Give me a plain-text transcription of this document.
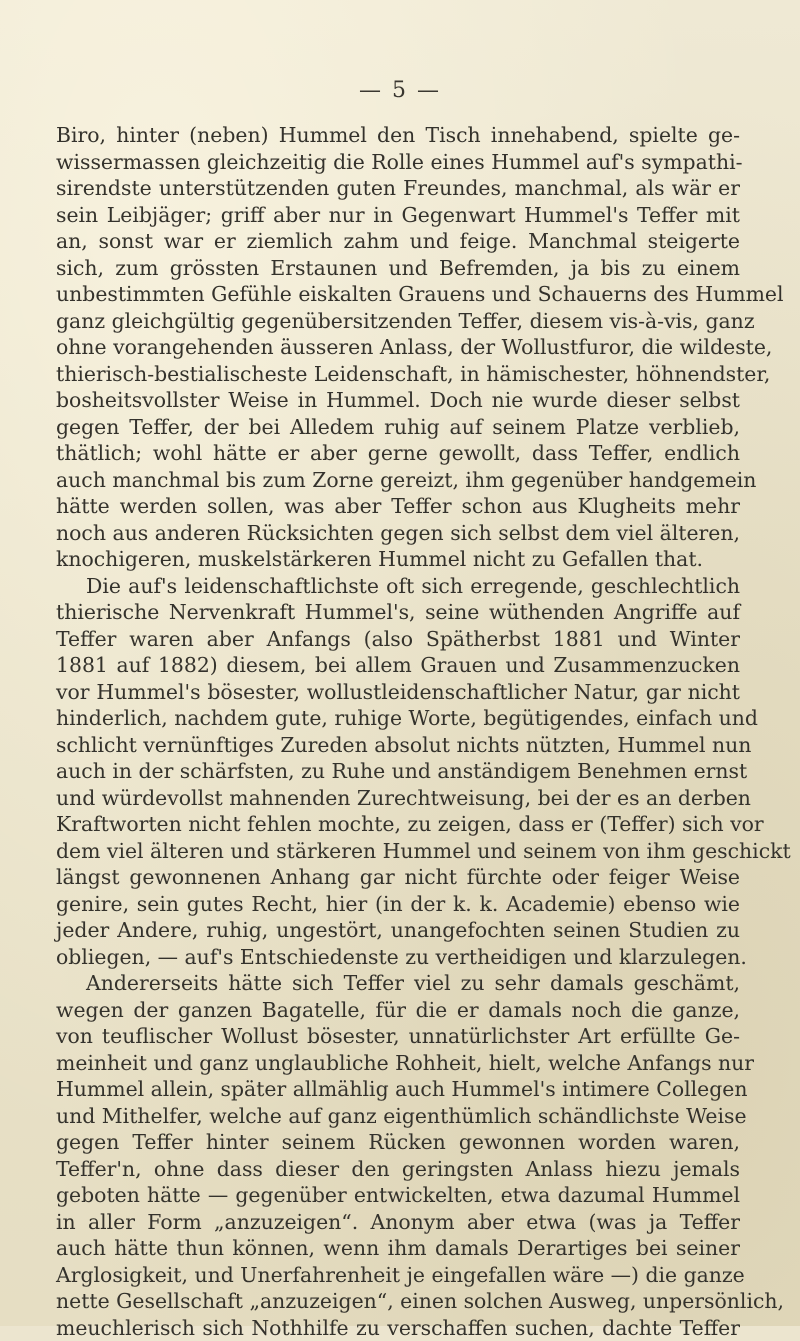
— 5 —
Biro, hinter (neben) Hummel den Tisch innehabend, spielte ge-
wissermassen gleichzeitig die Rolle eines Hummel auf's sympathi-
sirendste unterstützenden guten Freundes, manchmal, als wär er
sein Leibjäger; griff aber nur in Gegenwart Hummel's Teffer mit
an, sonst war er ziemlich zahm und feige. Manchmal steigerte
sich, zum grössten Erstaunen und Befremden, ja bis zu einem
unbestimmten Gefühle eiskalten Grauens und Schauerns des Hummel
ganz gleichgültig gegenübersitzenden Teffer, diesem vis-à-vis, ganz
ohne vorangehenden äusseren Anlass, der Wollustfuror, die wildeste,
thierisch-bestialischeste Leidenschaft, in hämischester, höhnendster,
bosheitsvollster Weise in Hummel. Doch nie wurde dieser selbst
gegen Teffer, der bei Alledem ruhig auf seinem Platze verblieb,
thätlich; wohl hätte er aber gerne gewollt, dass Teffer, endlich
auch manchmal bis zum Zorne gereizt, ihm gegenüber handgemein
hätte werden sollen, was aber Teffer schon aus Klugheits mehr
noch aus anderen Rücksichten gegen sich selbst dem viel älteren,
knochigeren, muskelstärkeren Hummel nicht zu Gefallen that.
Die auf's leidenschaftlichste oft sich erregende, geschlechtlich
thierische Nervenkraft Hummel's, seine wüthenden Angriffe auf
Teffer waren aber Anfangs (also Spätherbst 1881 und Winter
1881 auf 1882) diesem, bei allem Grauen und Zusammenzucken
vor Hummel's bösester, wollustleidenschaftlicher Natur, gar nicht
hinderlich, nachdem gute, ruhige Worte, begütigendes, einfach und
schlicht vernünftiges Zureden absolut nichts nützten, Hummel nun
auch in der schärfsten, zu Ruhe und anständigem Benehmen ernst
und würdevollst mahnenden Zurechtweisung, bei der es an derben
Kraftworten nicht fehlen mochte, zu zeigen, dass er (Teffer) sich vor
dem viel älteren und stärkeren Hummel und seinem von ihm geschickt
längst gewonnenen Anhang gar nicht fürchte oder feiger Weise
genire, sein gutes Recht, hier (in der k. k. Academie) ebenso wie
jeder Andere, ruhig, ungestört, unangefochten seinen Studien zu
obliegen, — auf's Entschiedenste zu vertheidigen und klarzulegen.
Andererseits hätte sich Teffer viel zu sehr damals geschämt,
wegen der ganzen Bagatelle, für die er damals noch die ganze,
von teuflischer Wollust bösester, unnatürlichster Art erfüllte Ge-
meinheit und ganz unglaubliche Rohheit, hielt, welche Anfangs nur
Hummel allein, später allmählig auch Hummel's intimere Collegen
und Mithelfer, welche auf ganz eigenthümlich schändlichste Weise
gegen Teffer hinter seinem Rücken gewonnen worden waren,
Teffer'n, ohne dass dieser den geringsten Anlass hiezu jemals
geboten hätte — gegenüber entwickelten, etwa dazumal Hummel
in aller Form „anzuzeigen“. Anonym aber etwa (was ja Teffer
auch hätte thun können, wenn ihm damals Derartiges bei seiner
Arglosigkeit, und Unerfahrenheit je eingefallen wäre —) die ganze
nette Gesellschaft „anzuzeigen“, einen solchen Ausweg, unpersönlich,
meuchlerisch sich Nothhilfe zu verschaffen suchen, dachte Teffer
